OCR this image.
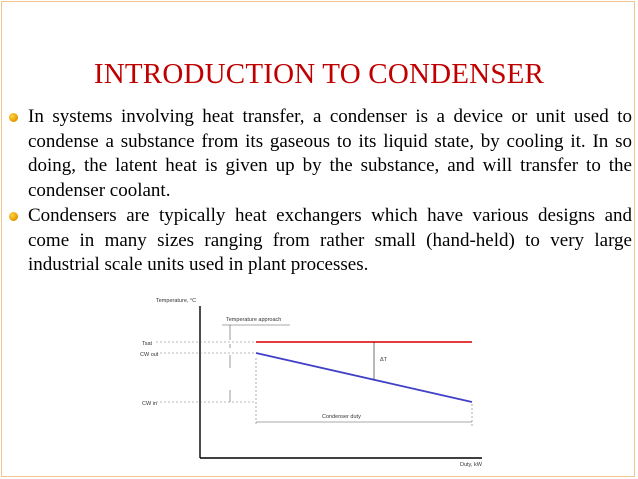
INTRODUCTION TO CONDENSER
In systems involving heat transfer, a condenser is a device or unit used to condense a substance from its gaseous to its liquid state, by cooling it. In so doing, the latent heat is given up by the substance, and will transfer to the condenser coolant.
Condensers are typically heat exchangers which have various designs and come in many sizes ranging from rather small (hand-held) to very large industrial scale units used in plant processes.
Temperature, °C
Duty, kW
Temperature approach
Tsat
CW out
CW in
ΔT
Condenser duty
